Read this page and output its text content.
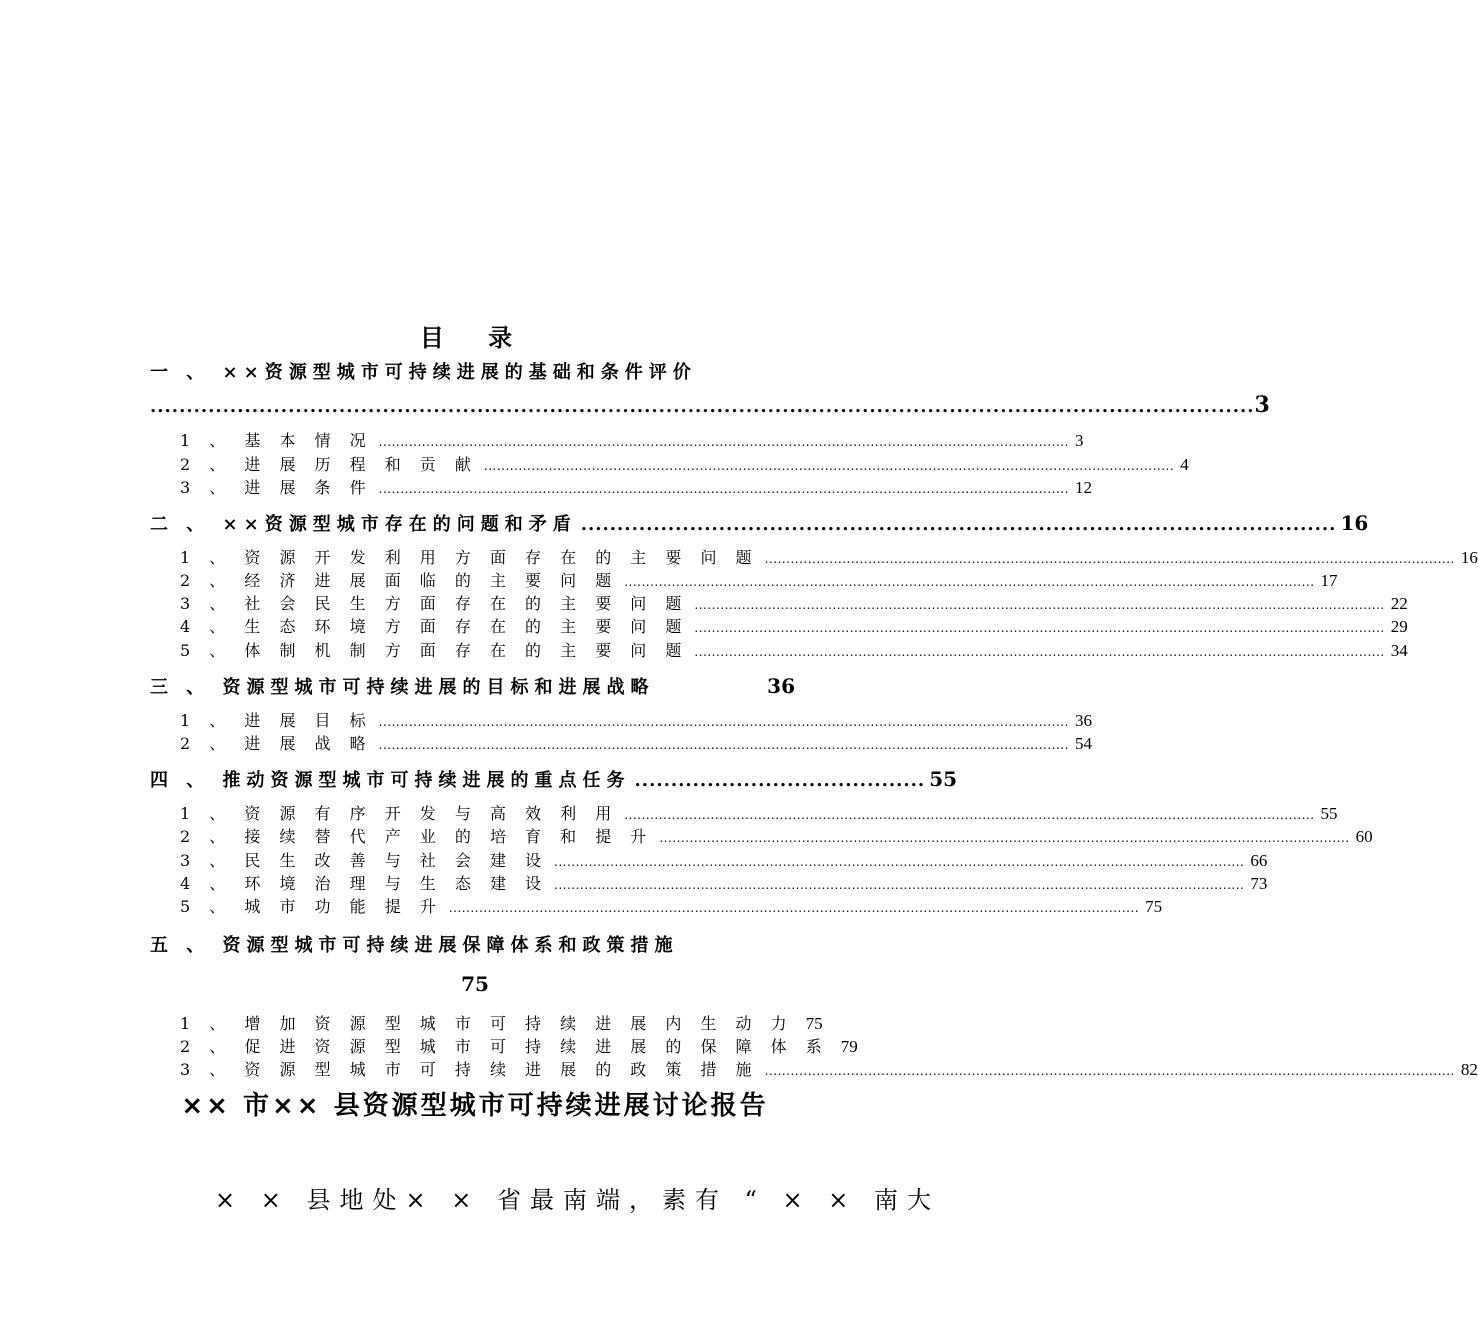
目 录
一 、 ××资源型城市可持续进展的基础和条件评价
........................................................................................................................................................ 3
1 、 基 本 情 况 ................................................................................................................................................................ 3
2 、 进 展 历 程 和 贡 献 ................................................................................................................................................................ 4
3 、 进 展 条 件 ................................................................................................................................................................ 12
二 、 ××资源型城市存在的问题和矛盾 ........................................................................................................ 16
1 、 资 源 开 发 利 用 方 面 存 在 的 主 要 问 题 ................................................................................................................................................................ 16
2 、 经 济 进 展 面 临 的 主 要 问 题 ................................................................................................................................................................ 17
3 、 社 会 民 生 方 面 存 在 的 主 要 问 题 ................................................................................................................................................................ 22
4 、 生 态 环 境 方 面 存 在 的 主 要 问 题 ................................................................................................................................................................ 29
5 、 体 制 机 制 方 面 存 在 的 主 要 问 题 ................................................................................................................................................................ 34
三 、 资源型城市可持续进展的目标和进展战略	36
1 、 进 展 目 标 ................................................................................................................................................................ 36
2 、 进 展 战 略 ................................................................................................................................................................ 54
四 、 推动资源型城市可持续进展的重点任务 ........................................ 55
1 、 资 源 有 序 开 发 与 高 效 利 用 ................................................................................................................................................................ 55
2 、 接 续 替 代 产 业 的 培 育 和 提 升 ................................................................................................................................................................ 60
3 、 民 生 改 善 与 社 会 建 设 ................................................................................................................................................................ 66
4 、 环 境 治 理 与 生 态 建 设 ................................................................................................................................................................ 73
5 、 城 市 功 能 提 升 ................................................................................................................................................................ 75
五 、 资源型城市可持续进展保障体系和政策措施
75
1 、 增 加 资 源 型 城 市 可 持 续 进 展 内 生 动 力 75
2 、 促 进 资 源 型 城 市 可 持 续 进 展 的 保 障 体 系 79
3 、 资 源 型 城 市 可 持 续 进 展 的 政 策 措 施 ................................................................................................................................................................ 82
×× 市×× 县资源型城市可持续进展讨论报告
× × 县地处× × 省最南端，素有 “ × × 南大
